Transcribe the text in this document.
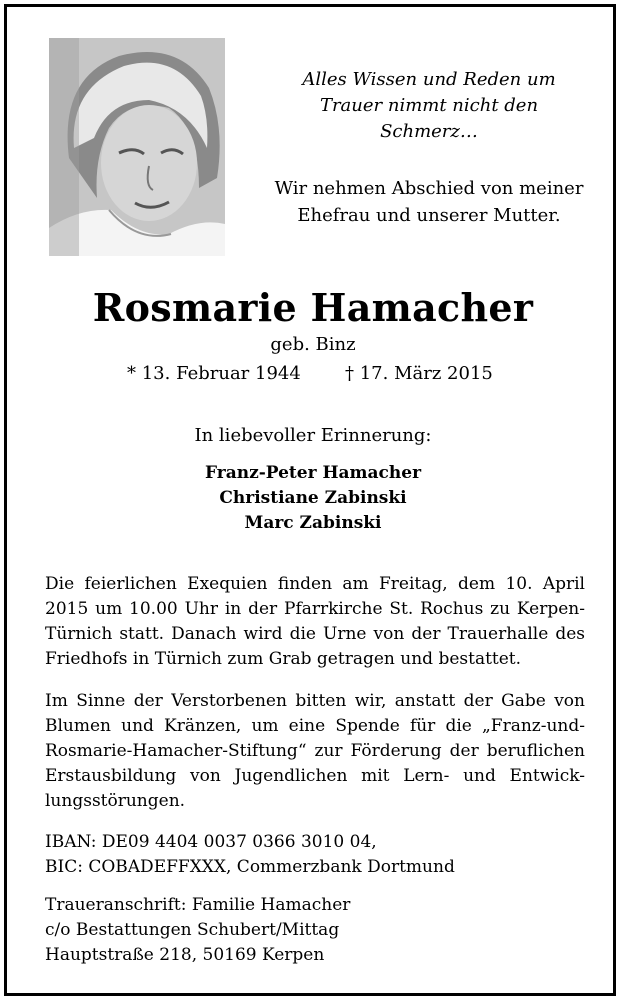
Alles Wissen und Reden um
Trauer nimmt nicht den
Schmerz…
Wir nehmen Abschied von meiner
Ehefrau und unserer Mutter.
Rosmarie Hamacher
geb. Binz
* 13. Februar 1944 † 17. März 2015
In liebevoller Erinnerung:
Franz-Peter Hamacher
Christiane Zabinski
Marc Zabinski
Die feierlichen Exequien finden am Freitag, dem 10. April
2015 um 10.00 Uhr in der Pfarrkirche St. Rochus zu Kerpen-
Türnich statt. Danach wird die Urne von der Trauerhalle des
Friedhofs in Türnich zum Grab getragen und bestattet.
Im Sinne der Verstorbenen bitten wir, anstatt der Gabe von
Blumen und Kränzen, um eine Spende für die „Franz-und-
Rosmarie-Hamacher-Stiftung“ zur Förderung der beruflichen
Erstausbildung von Jugendlichen mit Lern- und Entwick-
lungsstörungen.
IBAN: DE09 4404 0037 0366 3010 04,
BIC: COBADEFFXXX, Commerzbank Dortmund
Traueranschrift: Familie Hamacher
c/o Bestattungen Schubert/Mittag
Hauptstraße 218, 50169 Kerpen
